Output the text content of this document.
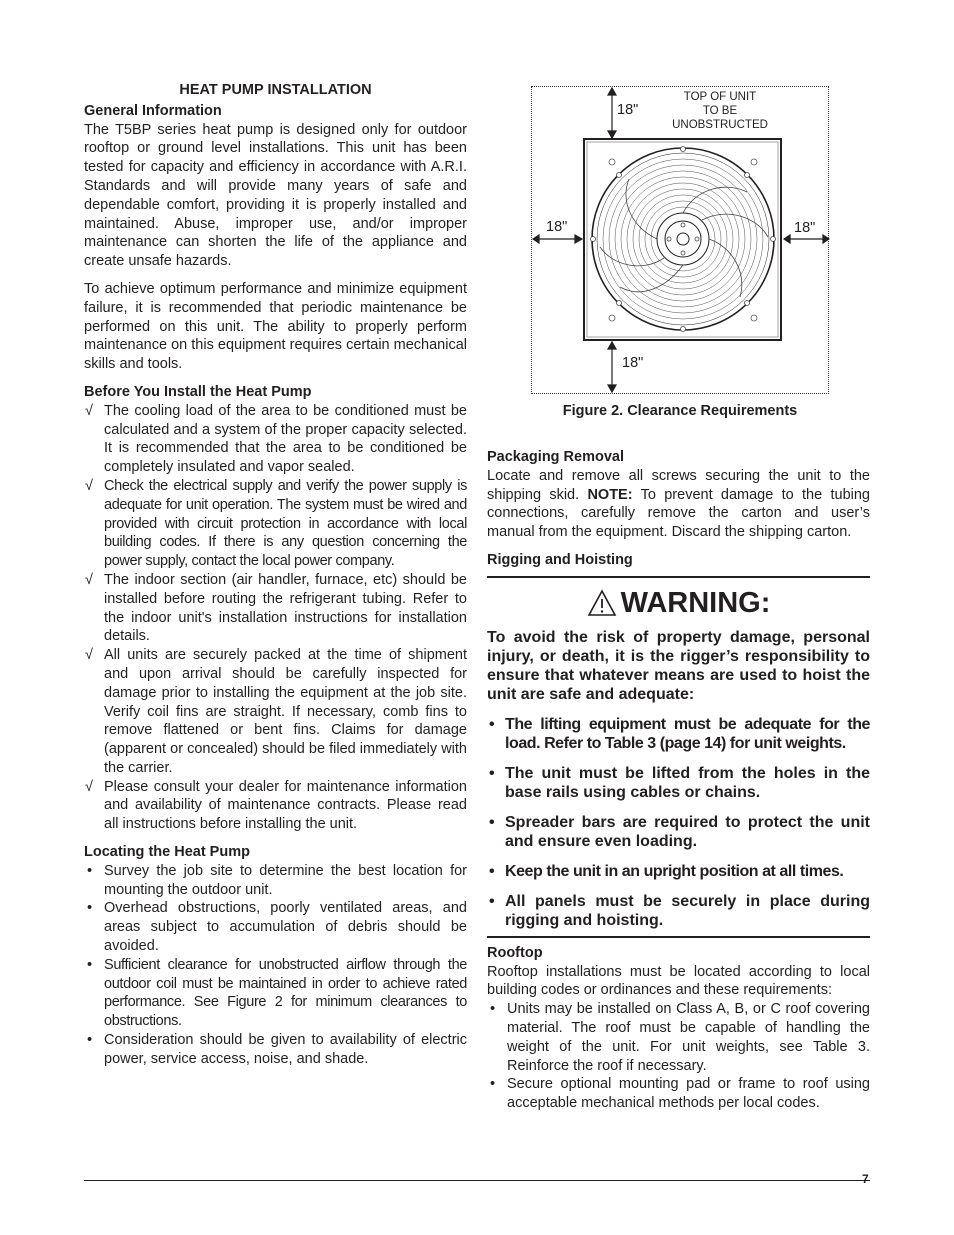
HEAT PUMP INSTALLATION

General Information

The T5BP series heat pump is designed only for outdoor rooftop or ground level installations. This unit has been tested for capacity and efficiency in accordance with A.R.I. Standards and will provide many years of safe and dependable comfort, providing it is properly installed and maintained. Abuse, improper use, and/or improper maintenance can shorten the life of the appliance and create unsafe hazards.

To achieve optimum performance and minimize equipment failure, it is recommended that periodic maintenance be performed on this unit. The ability to properly perform maintenance on this equipment requires certain mechanical skills and tools.

Before You Install the Heat Pump

√ The cooling load of the area to be conditioned must be calculated and a system of the proper capacity selected. It is recommended that the area to be conditioned be completely insulated and vapor sealed.
√ Check the electrical supply and verify the power supply is adequate for unit operation. The system must be wired and provided with circuit protection in accordance with local building codes. If there is any question concerning the power supply, contact the local power company.
√ The indoor section (air handler, furnace, etc) should be installed before routing the refrigerant tubing. Refer to the indoor unit's installation instructions for installation details.
√ All units are securely packed at the time of shipment and upon arrival should be carefully inspected for damage prior to installing the equipment at the job site. Verify coil fins are straight. If necessary, comb fins to remove flattened or bent fins. Claims for damage (apparent or concealed) should be filed immediately with the carrier.
√ Please consult your dealer for maintenance information and availability of maintenance contracts. Please read all instructions before installing the unit.

Locating the Heat Pump

• Survey the job site to determine the best location for mounting the outdoor unit.
• Overhead obstructions, poorly ventilated areas, and areas subject to accumulation of debris should be avoided.
• Sufficient clearance for unobstructed airflow through the outdoor coil must be maintained in order to achieve rated performance. See Figure 2 for minimum clearances to obstructions.
• Consideration should be given to availability of electric power, service access, noise, and shade.
TOP OF UNIT
TO BE
UNOBSTRUCTED
18"
18"	18"
18"
Figure 2. Clearance Requirements

Packaging Removal

Locate and remove all screws securing the unit to the shipping skid. NOTE: To prevent damage to the tubing connections, carefully remove the carton and user’s manual from the equipment. Discard the shipping carton.

Rigging and Hoisting

WARNING:

To avoid the risk of property damage, personal injury, or death, it is the rigger’s responsibility to ensure that whatever means are used to hoist the unit are safe and adequate:

• The lifting equipment must be adequate for the load. Refer to Table 3 (page 14) for unit weights.
• The unit must be lifted from the holes in the base rails using cables or chains.
• Spreader bars are required to protect the unit and ensure even loading.
• Keep the unit in an upright position at all times.
• All panels must be securely in place during rigging and hoisting.

Rooftop

Rooftop installations must be located according to local building codes or ordinances and these requirements:

• Units may be installed on Class A, B, or C roof covering material. The roof must be capable of handling the weight of the unit. For unit weights, see Table 3. Reinforce the roof if necessary.
• Secure optional mounting pad or frame to roof using acceptable mechanical methods per local codes.
7
